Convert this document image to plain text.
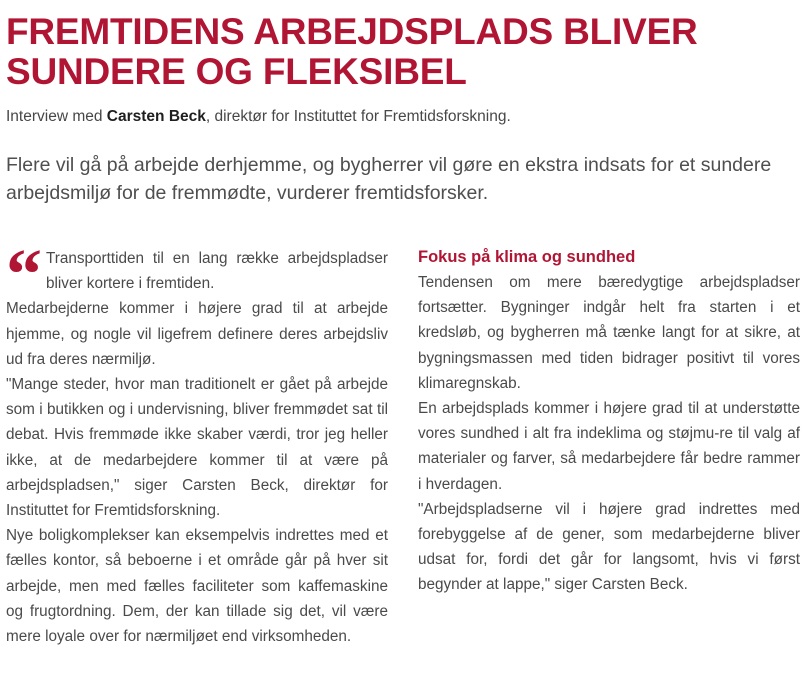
FREMTIDENS ARBEJDSPLADS BLIVER SUNDERE OG FLEKSIBEL

Interview med Carsten Beck, direktør for Instituttet for Fremtidsforskning.

Flere vil gå på arbejde derhjemme, og bygherrer vil gøre en ekstra indsats for et sundere arbejdsmiljø for de fremmødte, vurderer fremtidsforsker.

“ Transporttiden til en lang række arbejdspladser bliver kortere i fremtiden.

Medarbejderne kommer i højere grad til at arbejde hjemme, og nogle vil ligefrem definere deres arbejdsliv ud fra deres nærmiljø.

"Mange steder, hvor man traditionelt er gået på arbejde som i butikken og i undervisning, bliver fremmødet sat til debat. Hvis fremmøde ikke skaber værdi, tror jeg heller ikke, at de medarbejdere kommer til at være på arbejdspladsen," siger Carsten Beck, direktør for Instituttet for Fremtidsforskning.

Nye boligkomplekser kan eksempelvis indrettes med et fælles kontor, så beboerne i et område går på hver sit arbejde, men med fælles faciliteter som kaffemaskine og frugtordning. Dem, der kan tillade sig det, vil være mere loyale over for nærmiljøet end virksomheden.

Fokus på klima og sundhed

Tendensen om mere bæredygtige arbejdspladser fortsætter. Bygninger indgår helt fra starten i et kredsløb, og bygherren må tænke langt for at sikre, at bygningsmassen med tiden bidrager positivt til vores klimaregnskab.

En arbejdsplads kommer i højere grad til at understøtte vores sundhed i alt fra indeklima og støjmu-re til valg af materialer og farver, så medarbejdere får bedre rammer i hverdagen.

"Arbejdspladserne vil i højere grad indrettes med forebyggelse af de gener, som medarbejderne bliver udsat for, fordi det går for langsomt, hvis vi først begynder at lappe," siger Carsten Beck.
